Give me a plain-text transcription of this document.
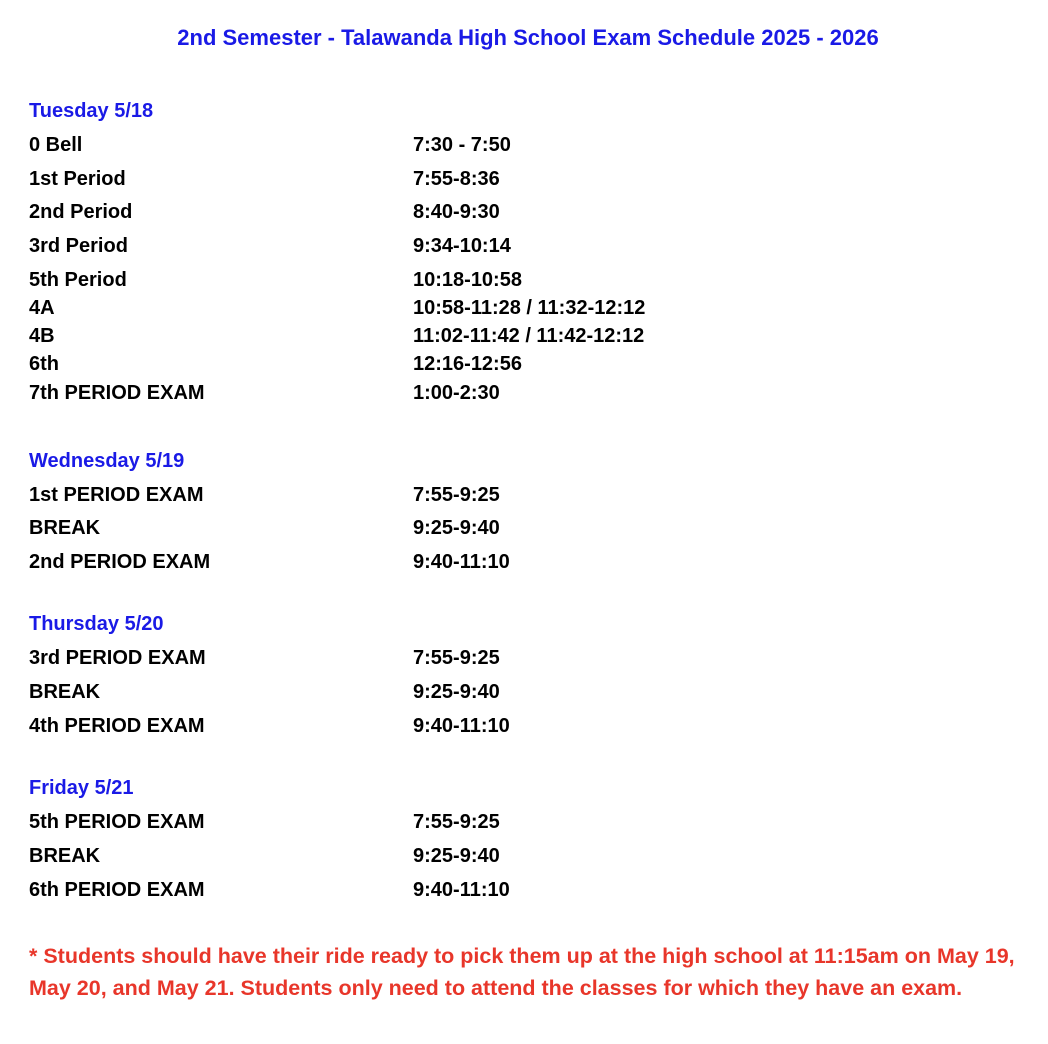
2nd Semester - Talawanda High School Exam Schedule 2025 - 2026
Tuesday 5/18
0 Bell	7:30 - 7:50
1st Period	7:55-8:36
2nd Period	8:40-9:30
3rd Period	9:34-10:14
5th Period	10:18-10:58
4A	10:58-11:28 / 11:32-12:12
4B	11:02-11:42 / 11:42-12:12
6th	12:16-12:56
7th PERIOD EXAM	1:00-2:30
Wednesday 5/19
1st PERIOD EXAM	7:55-9:25
BREAK	9:25-9:40
2nd PERIOD EXAM	9:40-11:10
Thursday 5/20
3rd PERIOD EXAM	7:55-9:25
BREAK	9:25-9:40
4th PERIOD EXAM	9:40-11:10
Friday 5/21
5th PERIOD EXAM	7:55-9:25
BREAK	9:25-9:40
6th PERIOD EXAM	9:40-11:10
* Students should have their ride ready to pick them up at the high school at 11:15am on May 19, May 20, and May 21. Students only need to attend the classes for which they have an exam.
